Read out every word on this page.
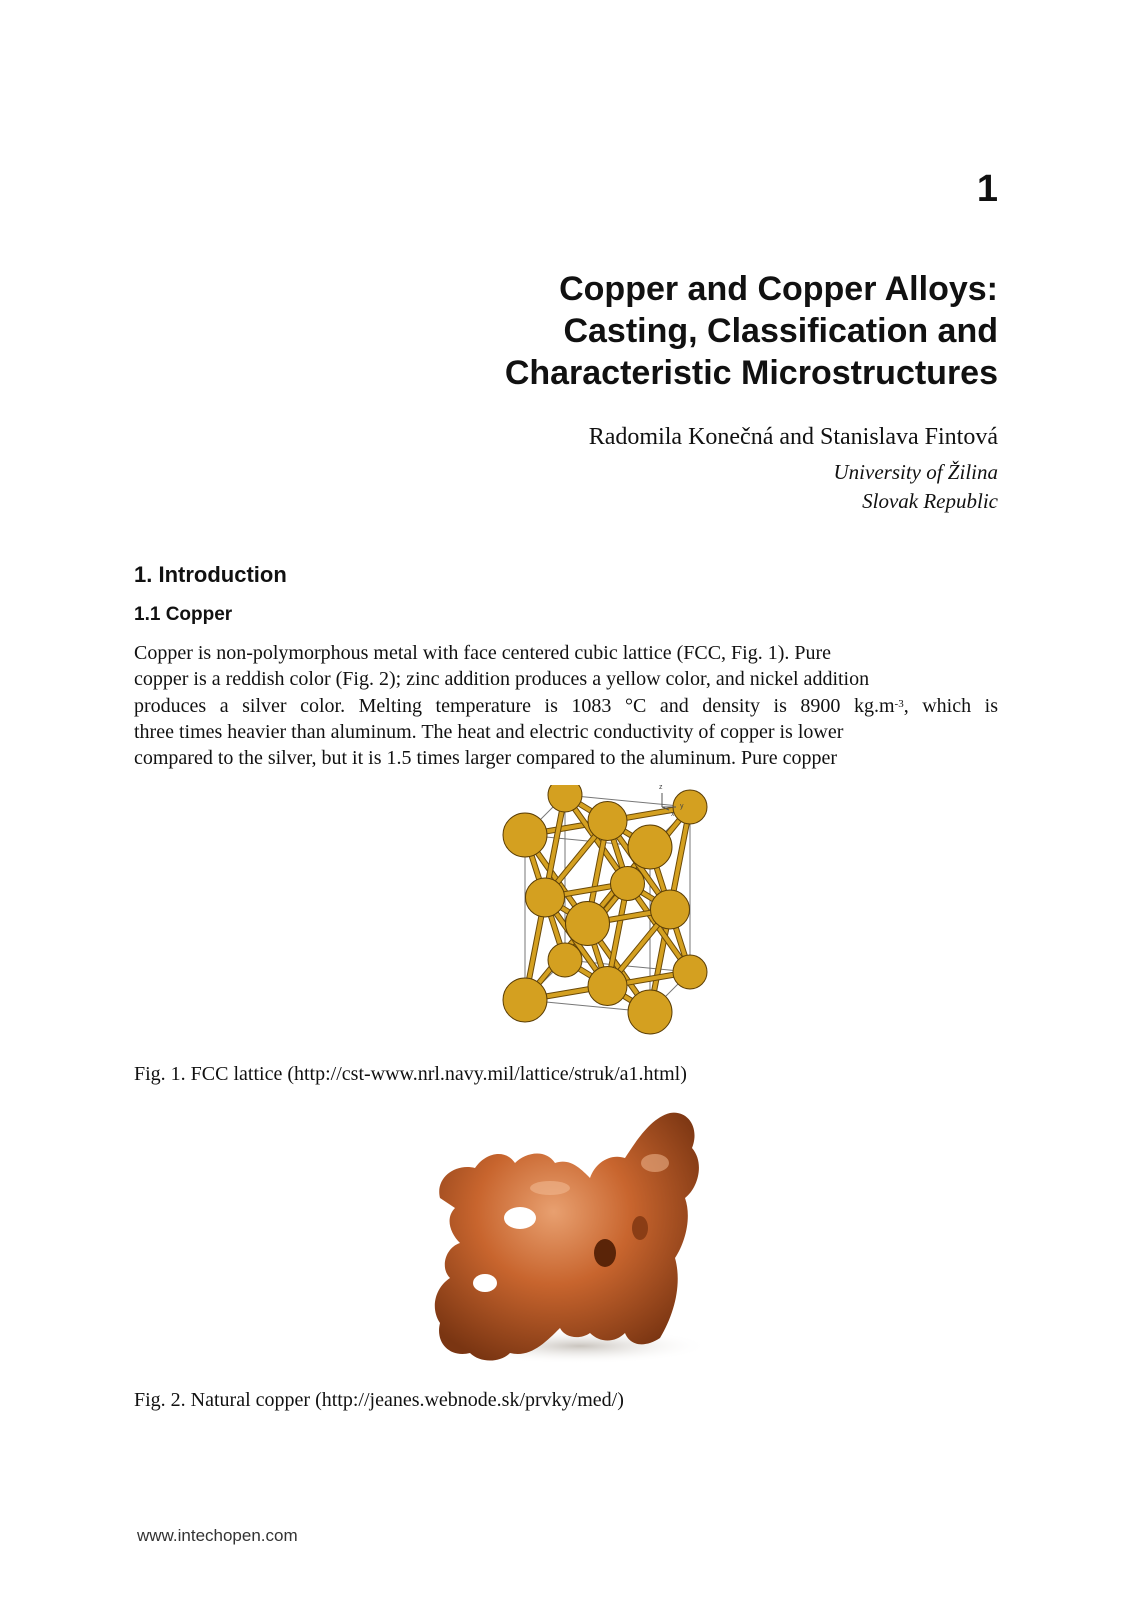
1
Copper and Copper Alloys:
Casting, Classification and
Characteristic Microstructures
Radomila Konečná and Stanislava Fintová
University of Žilina
Slovak Republic
1. Introduction
1.1 Copper
Copper is non-polymorphous metal with face centered cubic lattice (FCC, Fig. 1). Pure
copper is a reddish color (Fig. 2); zinc addition produces a yellow color, and nickel addition
produces a silver color. Melting temperature is 1083 °C and density is 8900 $kg.m^{-3}$, which is
three times heavier than aluminum. The heat and electric conductivity of copper is lower
compared to the silver, but it is 1.5 times larger compared to the aluminum. Pure copper
z
y
x
Fig. 1. FCC lattice (http://cst-www.nrl.navy.mil/lattice/struk/a1.html)
Fig. 2. Natural copper (http://jeanes.webnode.sk/prvky/med/)
www.intechopen.com
